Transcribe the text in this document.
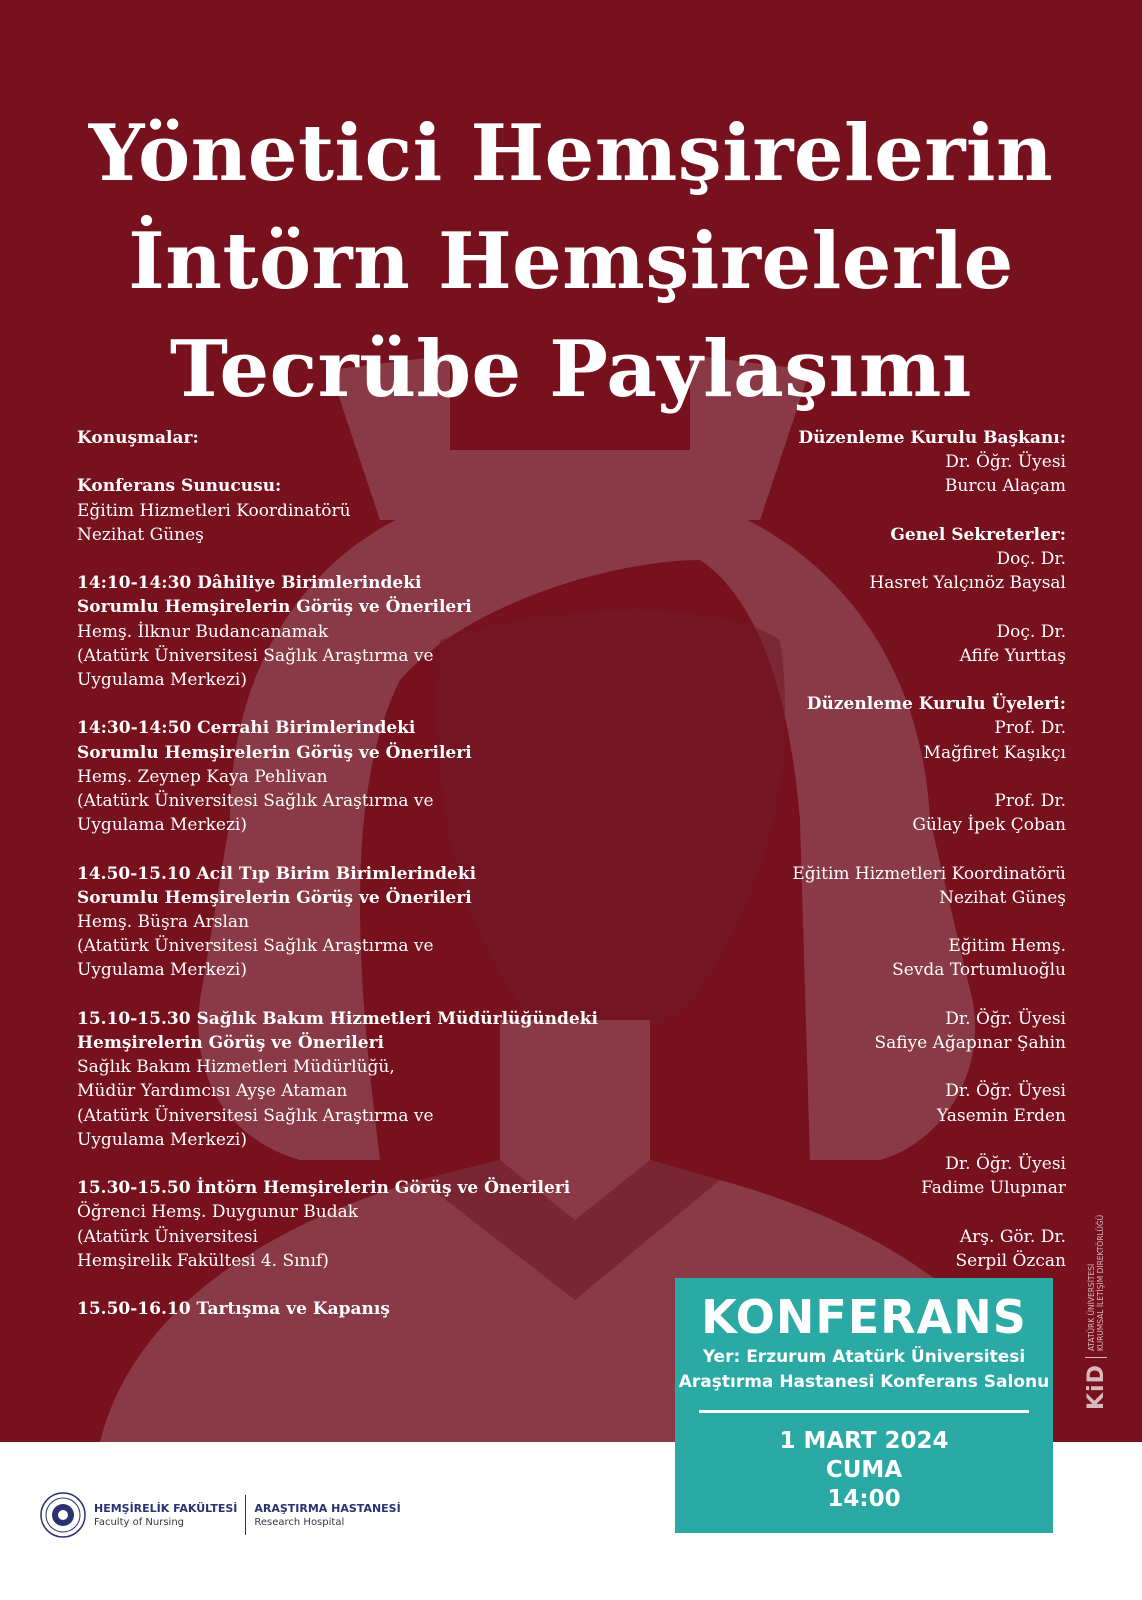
Yönetici Hemşirelerin
İntörn Hemşirelerle
Tecrübe Paylaşımı
Konuşmalar:
Konferans Sunucusu:
Eğitim Hizmetleri Koordinatörü
Nezihat Güneş
14:10-14:30 Dâhiliye Birimlerindeki
Sorumlu Hemşirelerin Görüş ve Önerileri
Hemş. İlknur Budancanamak
(Atatürk Üniversitesi Sağlık Araştırma ve
Uygulama Merkezi)
14:30-14:50 Cerrahi Birimlerindeki
Sorumlu Hemşirelerin Görüş ve Önerileri
Hemş. Zeynep Kaya Pehlivan
(Atatürk Üniversitesi Sağlık Araştırma ve
Uygulama Merkezi)
14.50-15.10 Acil Tıp Birim Birimlerindeki
Sorumlu Hemşirelerin Görüş ve Önerileri
Hemş. Büşra Arslan
(Atatürk Üniversitesi Sağlık Araştırma ve
Uygulama Merkezi)
15.10-15.30 Sağlık Bakım Hizmetleri Müdürlüğündeki
Hemşirelerin Görüş ve Önerileri
Sağlık Bakım Hizmetleri Müdürlüğü,
Müdür Yardımcısı Ayşe Ataman
(Atatürk Üniversitesi Sağlık Araştırma ve
Uygulama Merkezi)
15.30-15.50 İntörn Hemşirelerin Görüş ve Önerileri
Öğrenci Hemş. Duygunur Budak
(Atatürk Üniversitesi
Hemşirelik Fakültesi 4. Sınıf)
15.50-16.10 Tartışma ve Kapanış
Düzenleme Kurulu Başkanı:
Dr. Öğr. Üyesi
Burcu Alaçam
Genel Sekreterler:
Doç. Dr.
Hasret Yalçınöz Baysal
Doç. Dr.
Afife Yurttaş
Düzenleme Kurulu Üyeleri:
Prof. Dr.
Mağfiret Kaşıkçı
Prof. Dr.
Gülay İpek Çoban
Eğitim Hizmetleri Koordinatörü
Nezihat Güneş
Eğitim Hemş.
Sevda Tortumluoğlu
Dr. Öğr. Üyesi
Safiye Ağapınar Şahin
Dr. Öğr. Üyesi
Yasemin Erden
Dr. Öğr. Üyesi
Fadime Ulupınar
Arş. Gör. Dr.
Serpil Özcan
KONFERANS
Yer: Erzurum Atatürk Üniversitesi
Araştırma Hastanesi Konferans Salonu
1 MART 2024
CUMA
14:00
KiD
ATATÜRK ÜNİVERSİTESİ KURUMSAL İLETİŞİM DİREKTÖRLÜĞÜ
HEMŞİRELİK FAKÜLTESİ
Faculty of Nursing
ARAŞTIRMA HASTANESİ
Research Hospital
